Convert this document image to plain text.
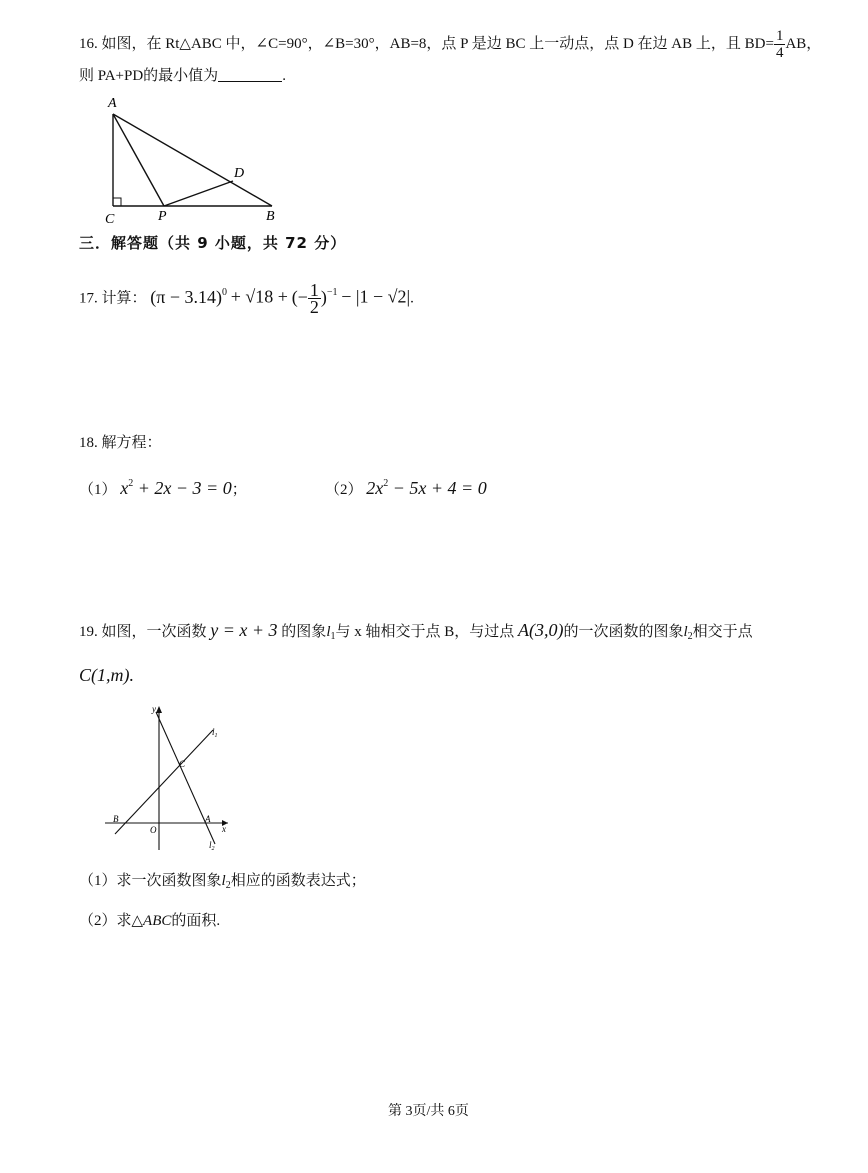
16. 如图，在 Rt△ABC 中，∠C=90°，∠B=30°，AB=8，点 P 是边 BC 上一动点，点 D 在边 AB 上，且 $BD= \frac{1}{4}$ AB，
则 PA+PD的最小值为	.
A
C	P	B
D
三．解答题（共 9 小题，共 72 分）
17. 计算： $(\pi - 3.14)^0 + √18$ + (− $\frac{1}{2} )^{-1} - |1 - √2|$.
18. 解方程：
（1） $x^2 + 2x - 3 = 0$；	（2） $2x^2 - 5x + 4 = 0$
19. 如图，一次函数 y = x + 3 的图象$l_1$与 x 轴相交于点 B，与过点 A(3,0)的一次函数的图象$l_2$相交于点
C(1,m).
y
x
O
A
B
C
$l_1$
$l_2$
（1）求一次函数图象$l_2$相应的函数表达式；
（2）求△ABC的面积.
第 3页/共 6页
